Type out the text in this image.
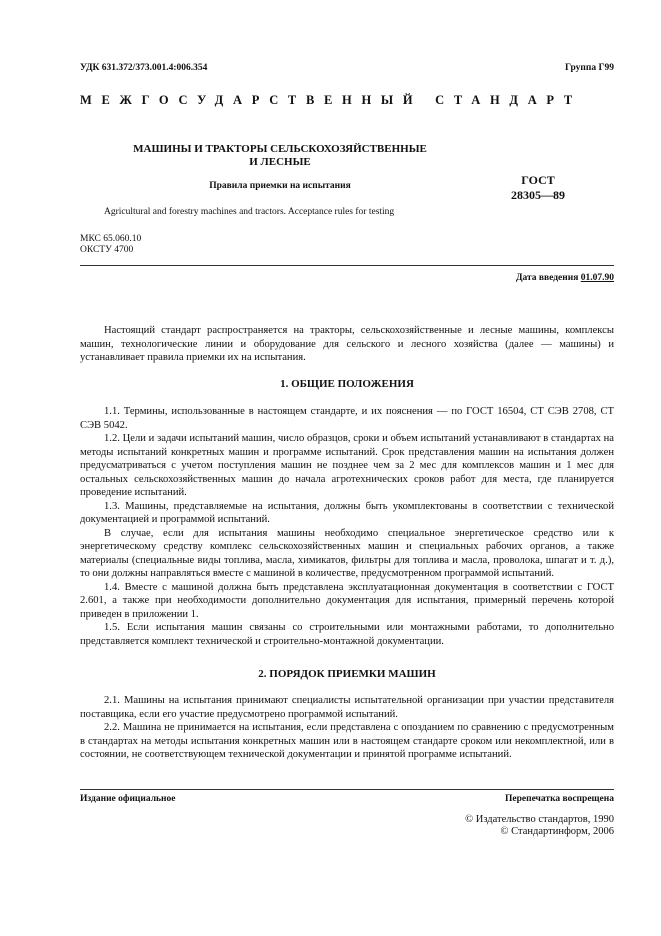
УДК 631.372/373.001.4:006.354	Группа Г99
МЕЖГОСУДАРСТВЕННЫЙ СТАНДАРТ
МАШИНЫ И ТРАКТОРЫ СЕЛЬСКОХОЗЯЙСТВЕННЫЕ
И ЛЕСНЫЕ
Правила приемки на испытания	ГОСТ
28305—89
Agricultural and forestry machines and tractors. Acceptance rules for testing
МКС 65.060.10
ОКСТУ 4700
Дата введения 01.07.90

Настоящий стандарт распространяется на тракторы, сельскохозяйственные и лесные машины, комплексы машин, технологические линии и оборудование для сельского и лесного хозяйства (далее — машины) и устанавливает правила приемки их на испытания.

1. ОБЩИЕ ПОЛОЖЕНИЯ

1.1. Термины, использованные в настоящем стандарте, и их пояснения — по ГОСТ 16504, СТ СЭВ 2708, СТ СЭВ 5042.

1.2. Цели и задачи испытаний машин, число образцов, сроки и объем испытаний устанавливают в стандартах на методы испытаний конкретных машин и программе испытаний. Срок представления машин на испытания должен предусматриваться с учетом поступления машин не позднее чем за 2 мес для комплексов машин и 1 мес для остальных сельскохозяйственных машин до начала агротехнических сроков работ для места, где планируется проведение испытаний.

1.3. Машины, представляемые на испытания, должны быть укомплектованы в соответствии с технической документацией и программой испытаний.

В случае, если для испытания машины необходимо специальное энергетическое средство или к энергетическому средству комплекс сельскохозяйственных машин и специальных рабочих органов, а также материалы (специальные виды топлива, масла, химикатов, фильтры для топлива и масла, проволока, шпагат и т. д.), то они должны направляться вместе с машиной в количестве, предусмотренном программой испытаний.

1.4. Вместе с машиной должна быть представлена эксплуатационная документация в соответствии с ГОСТ 2.601, а также при необходимости дополнительно документация для испытания, примерный перечень которой приведен в приложении 1.

1.5. Если испытания машин связаны со строительными или монтажными работами, то дополнительно представляется комплект технической и строительно-монтажной документации.

2. ПОРЯДОК ПРИЕМКИ МАШИН

2.1. Машины на испытания принимают специалисты испытательной организации при участии представителя поставщика, если его участие предусмотрено программой испытаний.

2.2. Машина не принимается на испытания, если представлена с опозданием по сравнению с предусмотренным в стандартах на методы испытания конкретных машин или в настоящем стандарте сроком или некомплектной, или в состоянии, не соответствующем технической документации и принятой программе испытаний.

Издание официальное	Перепечатка воспрещена
© Издательство стандартов, 1990
© Стандартинформ, 2006
